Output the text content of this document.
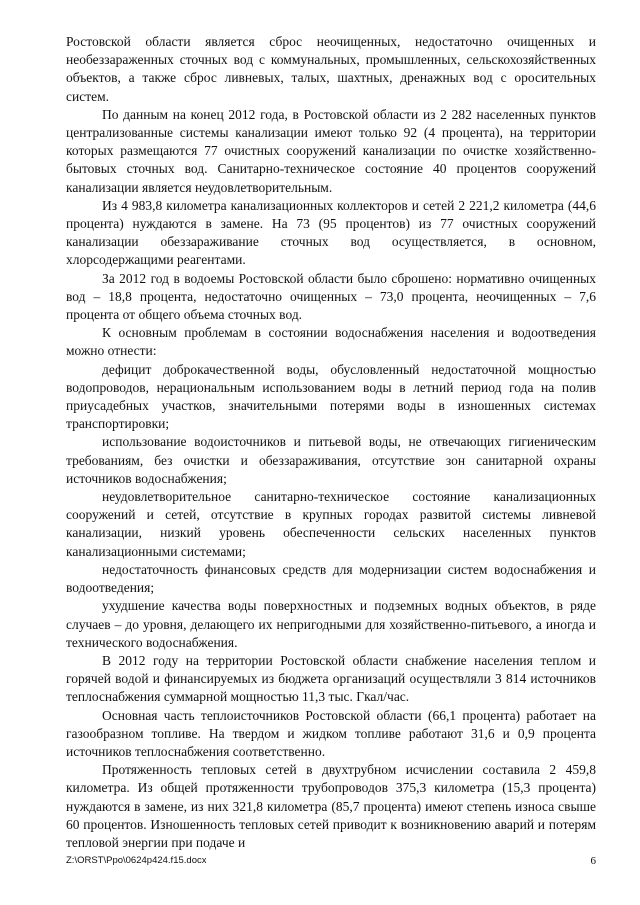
Ростовской области является сброс неочищенных, недостаточно очищенных и необеззараженных сточных вод с коммунальных, промышленных, сельскохозяйственных объектов, а также сброс ливневых, талых, шахтных, дренажных вод с оросительных систем.

По данным на конец 2012 года, в Ростовской области из 2 282 населенных пунктов централизованные системы канализации имеют только 92 (4 процента), на территории которых размещаются 77 очистных сооружений канализации по очистке хозяйственно-бытовых сточных вод. Санитарно-техническое состояние 40 процентов сооружений канализации является неудовлетворительным.

Из 4 983,8 километра канализационных коллекторов и сетей 2 221,2 километра (44,6 процента) нуждаются в замене. На 73 (95 процентов) из 77 очистных сооружений канализации обеззараживание сточных вод осуществляется, в основном, хлорсодержащими реагентами.

За 2012 год в водоемы Ростовской области было сброшено: нормативно очищенных вод – 18,8 процента, недостаточно очищенных – 73,0 процента, неочищенных – 7,6 процента от общего объема сточных вод.

К основным проблемам в состоянии водоснабжения населения и водоотведения можно отнести:

дефицит доброкачественной воды, обусловленный недостаточной мощностью водопроводов, нерациональным использованием воды в летний период года на полив приусадебных участков, значительными потерями воды в изношенных системах транспортировки;

использование водоисточников и питьевой воды, не отвечающих гигиеническим требованиям, без очистки и обеззараживания, отсутствие зон санитарной охраны источников водоснабжения;

неудовлетворительное санитарно-техническое состояние канализационных сооружений и сетей, отсутствие в крупных городах развитой системы ливневой канализации, низкий уровень обеспеченности сельских населенных пунктов канализационными системами;

недостаточность финансовых средств для модернизации систем водоснабжения и водоотведения;

ухудшение качества воды поверхностных и подземных водных объектов, в ряде случаев – до уровня, делающего их непригодными для хозяйственно-питьевого, а иногда и технического водоснабжения.

В 2012 году на территории Ростовской области снабжение населения теплом и горячей водой и финансируемых из бюджета организаций осуществляли 3 814 источников теплоснабжения суммарной мощностью 11,3 тыс. Гкал/час.

Основная часть теплоисточников Ростовской области (66,1 процента) работает на газообразном топливе. На твердом и жидком топливе работают 31,6 и 0,9 процента источников теплоснабжения соответственно.

Протяженность тепловых сетей в двухтрубном исчислении составила 2 459,8 километра. Из общей протяженности трубопроводов 375,3 километра (15,3 процента) нуждаются в замене, из них 321,8 километра (85,7 процента) имеют степень износа свыше 60 процентов. Изношенность тепловых сетей приводит к возникновению аварий и потерям тепловой энергии при подаче и

Z:\ORST\Ppo\0624p424.f15.docx	6
